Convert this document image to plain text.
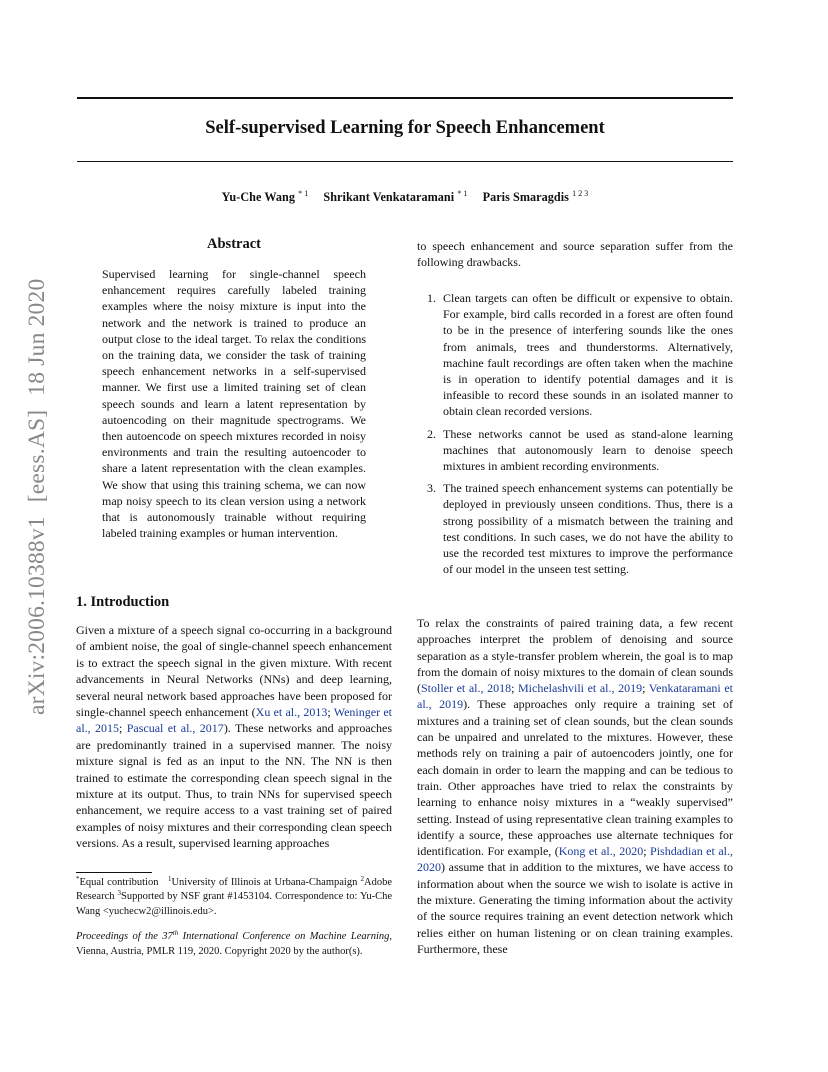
arXiv:2006.10388v1[eess.AS]18 Jun 2020
Self-supervised Learning for Speech Enhancement
Yu-Che Wang $^{* 1}$ Shrikant Venkataramani $^{* 1}$ Paris Smaragdis $^{1 2 3}$
Abstract
Supervised learning for single-channel speech enhancement requires carefully labeled training examples where the noisy mixture is input into the network and the network is trained to produce an output close to the ideal target. To relax the conditions on the training data, we consider the task of training speech enhancement networks in a self-supervised manner. We first use a limited training set of clean speech sounds and learn a latent representation by autoencoding on their magnitude spectrograms. We then autoencode on speech mixtures recorded in noisy environments and train the resulting autoencoder to share a latent representation with the clean examples. We show that using this training schema, we can now map noisy speech to its clean version using a network that is autonomously trainable without requiring labeled training examples or human intervention.
1. Introduction
Given a mixture of a speech signal co-occurring in a background of ambient noise, the goal of single-channel speech enhancement is to extract the speech signal in the given mixture. With recent advancements in Neural Networks (NNs) and deep learning, several neural network based approaches have been proposed for single-channel speech enhancement (Xu et al., 2013; Weninger et al., 2015; Pascual et al., 2017). These networks and approaches are predominantly trained in a supervised manner. The noisy mixture signal is fed as an input to the NN. The NN is then trained to estimate the corresponding clean speech signal in the mixture at its output. Thus, to train NNs for supervised speech enhancement, we require access to a vast training set of paired examples of noisy mixtures and their corresponding clean speech versions. As a result, supervised learning approaches
*Equal contribution $^1$University of Illinois at Urbana-Champaign $^2$Adobe Research $^3$Supported by NSF grant #1453104. Correspondence to: Yu-Che Wang <yuchecw2@illinois.edu>.
Proceedings of the 37th International Conference on Machine Learning, Vienna, Austria, PMLR 119, 2020. Copyright 2020 by the author(s).
to speech enhancement and source separation suffer from the following drawbacks.
1. Clean targets can often be difficult or expensive to obtain. For example, bird calls recorded in a forest are often found to be in the presence of interfering sounds like the ones from animals, trees and thunderstorms. Alternatively, machine fault recordings are often taken when the machine is in operation to identify potential damages and it is infeasible to record these sounds in an isolated manner to obtain clean recorded versions.
2. These networks cannot be used as stand-alone learning machines that autonomously learn to denoise speech mixtures in ambient recording environments.
3. The trained speech enhancement systems can potentially be deployed in previously unseen conditions. Thus, there is a strong possibility of a mismatch between the training and test conditions. In such cases, we do not have the ability to use the recorded test mixtures to improve the performance of our model in the unseen test setting.
To relax the constraints of paired training data, a few recent approaches interpret the problem of denoising and source separation as a style-transfer problem wherein, the goal is to map from the domain of noisy mixtures to the domain of clean sounds (Stoller et al., 2018; Michelashvili et al., 2019; Venkataramani et al., 2019). These approaches only require a training set of mixtures and a training set of clean sounds, but the clean sounds can be unpaired and unrelated to the mixtures. However, these methods rely on training a pair of autoencoders jointly, one for each domain in order to learn the mapping and can be tedious to train. Other approaches have tried to relax the constraints by learning to enhance noisy mixtures in a “weakly supervised” setting. Instead of using representative clean training examples to identify a source, these approaches use alternate techniques for identification. For example, (Kong et al., 2020; Pishdadian et al., 2020) assume that in addition to the mixtures, we have access to information about when the source we wish to isolate is active in the mixture. Generating the timing information about the activity of the source requires training an event detection network which relies either on human listening or on clean training examples. Furthermore, these
